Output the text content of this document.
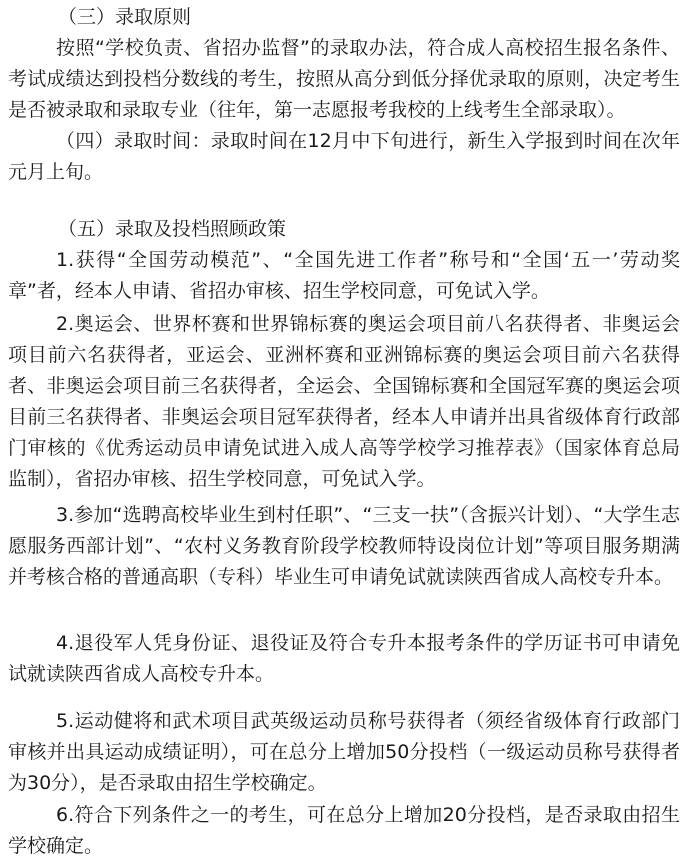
（三）录取原则

按照“学校负责、省招办监督”的录取办法，符合成人高校招生报名条件、考试成绩达到投档分数线的考生，按照从高分到低分择优录取的原则，决定考生是否被录取和录取专业（往年，第一志愿报考我校的上线考生全部录取）。

（四）录取时间：录取时间在12月中下旬进行，新生入学报到时间在次年元月上旬。

（五）录取及投档照顾政策

1.获得“全国劳动模范”、“全国先进工作者”称号和“全国‘五一’劳动奖章”者，经本人申请、省招办审核、招生学校同意，可免试入学。

2.奥运会、世界杯赛和世界锦标赛的奥运会项目前八名获得者、非奥运会项目前六名获得者，亚运会、亚洲杯赛和亚洲锦标赛的奥运会项目前六名获得者、非奥运会项目前三名获得者，全运会、全国锦标赛和全国冠军赛的奥运会项目前三名获得者、非奥运会项目冠军获得者，经本人申请并出具省级体育行政部门审核的《优秀运动员申请免试进入成人高等学校学习推荐表》（国家体育总局监制），省招办审核、招生学校同意，可免试入学。

3.参加“选聘高校毕业生到村任职”、“三支一扶”（含振兴计划）、“大学生志愿服务西部计划”、“农村义务教育阶段学校教师特设岗位计划”等项目服务期满并考核合格的普通高职（专科）毕业生可申请免试就读陕西省成人高校专升本。

4.退役军人凭身份证、退役证及符合专升本报考条件的学历证书可申请免试就读陕西省成人高校专升本。

5.运动健将和武术项目武英级运动员称号获得者（须经省级体育行政部门审核并出具运动成绩证明），可在总分上增加50分投档（一级运动员称号获得者为30分），是否录取由招生学校确定。

6.符合下列条件之一的考生，可在总分上增加20分投档，是否录取由招生学校确定。
